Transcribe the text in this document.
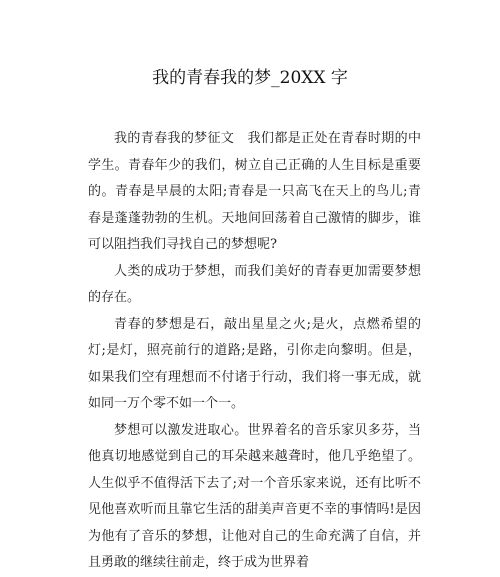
我的青春我的梦_20XX 字

我的青春我的梦征文　我们都是正处在青春时期的中学生。青春年少的我们，树立自己正确的人生目标是重要的。青春是早晨的太阳;青春是一只高飞在天上的鸟儿;青春是蓬蓬勃勃的生机。天地间回荡着自己激情的脚步，谁可以阻挡我们寻找自己的梦想呢?

人类的成功于梦想，而我们美好的青春更加需要梦想的存在。

青春的梦想是石，敲出星星之火;是火，点燃希望的灯;是灯，照亮前行的道路;是路，引你走向黎明。但是，如果我们空有理想而不付诸于行动，我们将一事无成，就如同一万个零不如一个一。

梦想可以激发进取心。世界着名的音乐家贝多芬，当他真切地感觉到自己的耳朵越来越聋时，他几乎绝望了。人生似乎不值得活下去了;对一个音乐家来说，还有比听不见他喜欢听而且靠它生活的甜美声音更不幸的事情吗!是因为他有了音乐的梦想，让他对自己的生命充满了自信，并且勇敢的继续往前走，终于成为世界着
